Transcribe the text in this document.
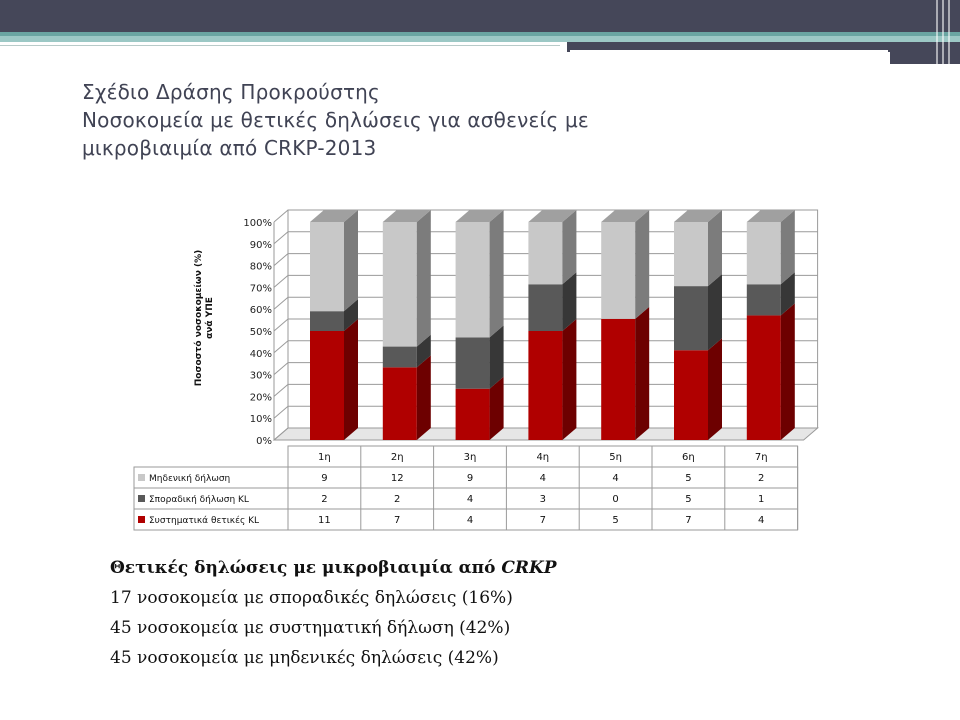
Σχέδιο Δράσης Προκρούστης
Νοσοκομεία με θετικές δηλώσεις για ασθενείς με
μικροβιαιμία από CRKP-2013
0%
10%
20%
30%
40%
50%
60%
70%
80%
90%
100%
Ποσοστό νοσοκομείων (%) ανά ΥΠΕ
1η	2η	3η	4η	5η	6η	7η
Μηδενική δήλωση	9	12	9	4	4	5	2
Σποραδική δήλωση KL	2	2	4	3	0	5	1
Συστηματικά θετικές KL	11	7	4	7	5	7	4
Θετικές δηλώσεις με μικροβιαιμία από CRKP
17 νοσοκομεία με σποραδικές δηλώσεις (16%)
45 νοσοκομεία με συστηματική δήλωση (42%)
45 νοσοκομεία με μηδενικές δηλώσεις (42%)
